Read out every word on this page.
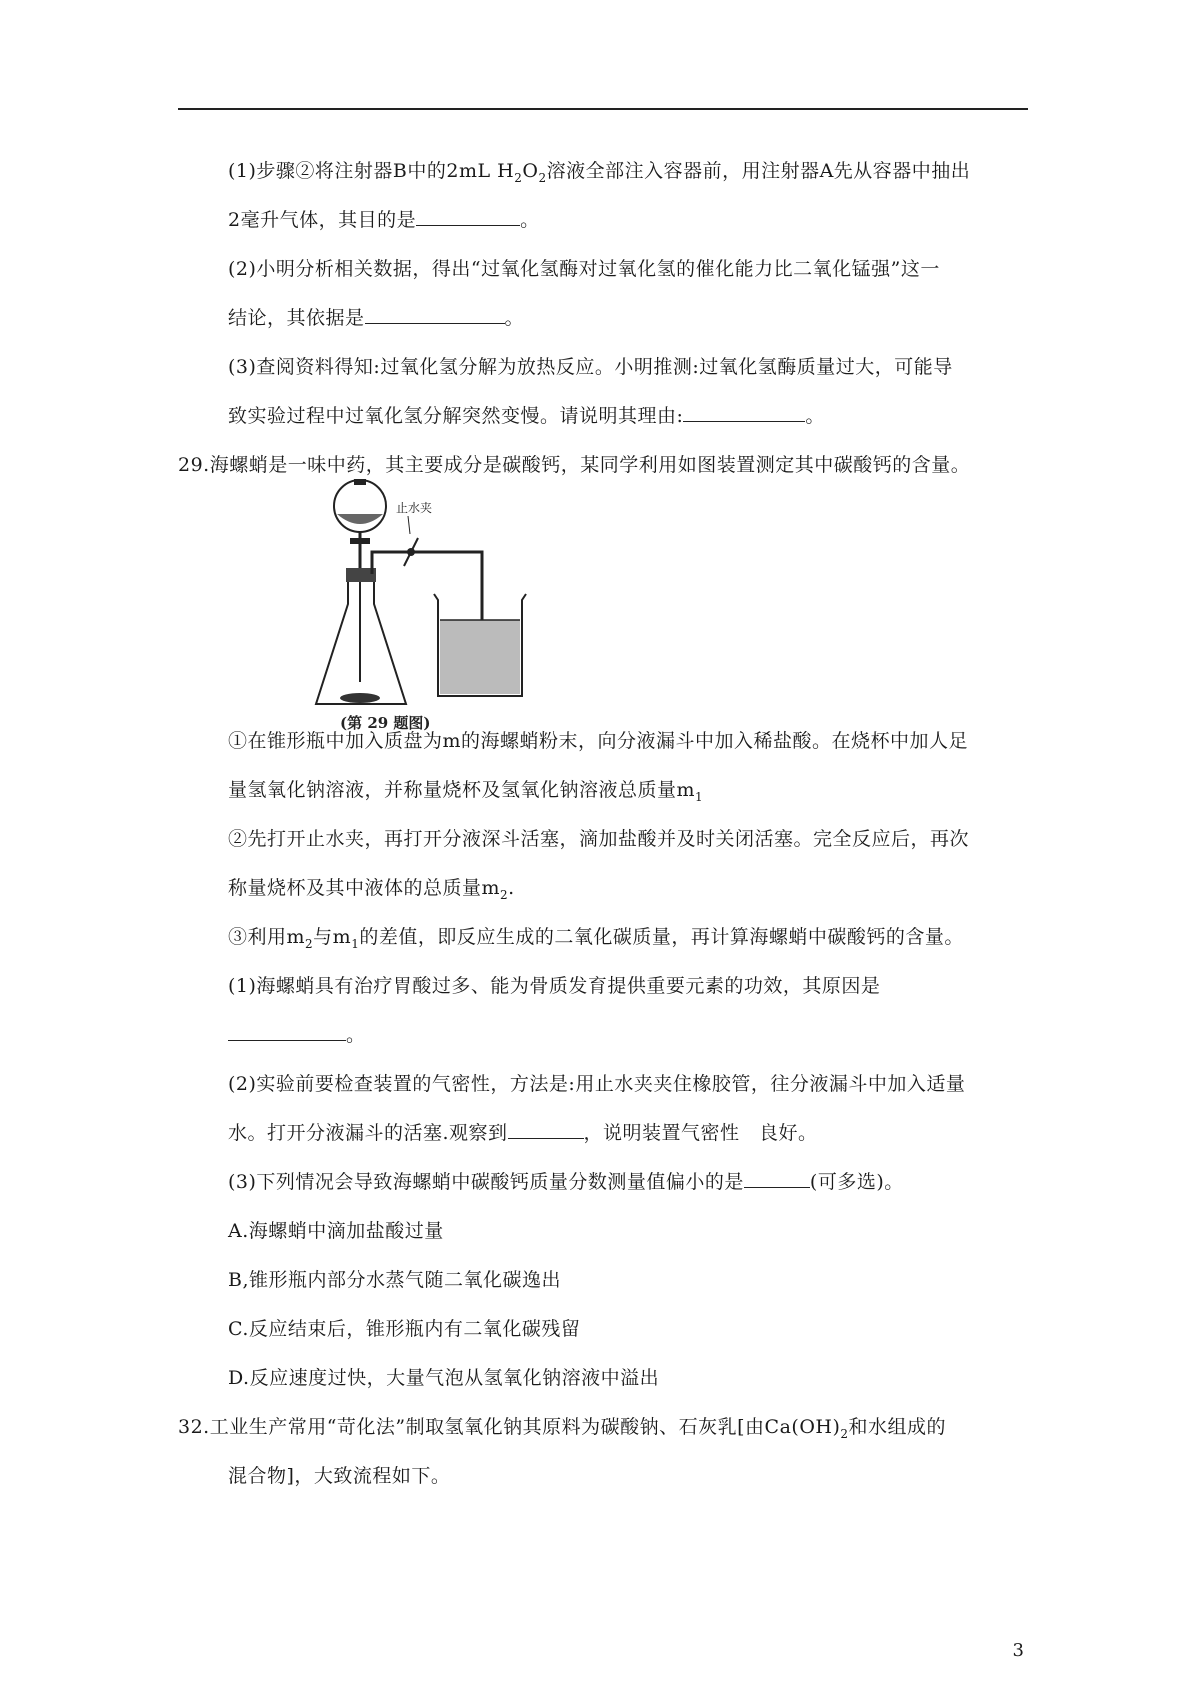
(1)步骤②将注射器B中的2mL $H_2O_2$溶液全部注入容器前，用注射器A先从容器中抽出
2毫升气体，其目的是	。
(2)小明分析相关数据，得出“过氧化氢酶对过氧化氢的催化能力比二氧化锰强”这一
结论，其依据是	。
(3)查阅资料得知:过氧化氢分解为放热反应。小明推测:过氧化氢酶质量过大，可能导
致实验过程中过氧化氢分解突然变慢。请说明其理由:	。
29.海螺蛸是一味中药，其主要成分是碳酸钙，某同学利用如图装置测定其中碳酸钙的含量。
止水夹
(第 29 题图)
①在锥形瓶中加入质盘为m的海螺蛸粉末，向分液漏斗中加入稀盐酸。在烧杯中加人足
量氢氧化钠溶液，并称量烧杯及氢氧化钠溶液总质量$m_1$
②先打开止水夹，再打开分液深斗活塞，滴加盐酸并及时关闭活塞。完全反应后，再次
称量烧杯及其中液体的总质量$m_2$.
③利用$m_2$与$m_1$的差值，即反应生成的二氧化碳质量，再计算海螺蛸中碳酸钙的含量。
(1)海螺蛸具有治疗胃酸过多、能为骨质发育提供重要元素的功效，其原因是
。
(2)实验前要检查装置的气密性，方法是:用止水夹夹住橡胶管，往分液漏斗中加入适量
水。打开分液漏斗的活塞.观察到	，说明装置气密性　良好。
(3)下列情况会导致海螺蛸中碳酸钙质量分数测量值偏小的是	(可多选)。
A.海螺蛸中滴加盐酸过量
B,锥形瓶内部分水蒸气随二氧化碳逸出
C.反应结束后，锥形瓶内有二氧化碳残留
D.反应速度过快，大量气泡从氢氧化钠溶液中溢出
32.工业生产常用“苛化法”制取氢氧化钠其原料为碳酸钠、石灰乳[由$Ca(OH)_2$和水组成的
混合物]，大致流程如下。
3
